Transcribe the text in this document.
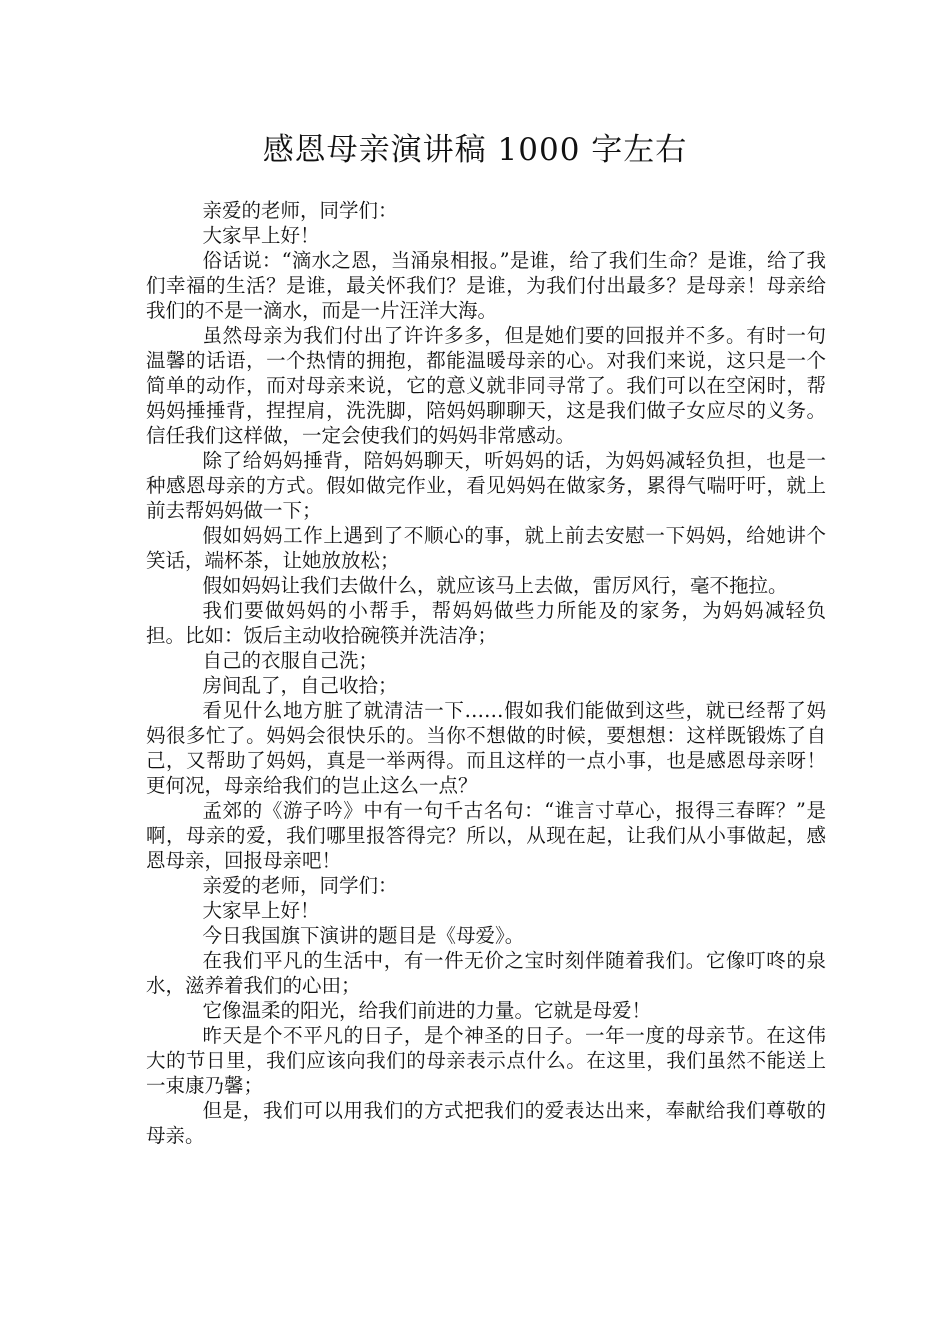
感恩母亲演讲稿 1000 字左右

亲爱的老师，同学们：

大家早上好！

俗话说：“滴水之恩，当涌泉相报。”是谁，给了我们生命？是谁，给了我们幸福的生活？是谁，最关怀我们？是谁，为我们付出最多？是母亲！母亲给我们的不是一滴水，而是一片汪洋大海。

虽然母亲为我们付出了许许多多，但是她们要的回报并不多。有时一句温馨的话语，一个热情的拥抱，都能温暖母亲的心。对我们来说，这只是一个简单的动作，而对母亲来说，它的意义就非同寻常了。我们可以在空闲时，帮妈妈捶捶背，捏捏肩，洗洗脚，陪妈妈聊聊天，这是我们做子女应尽的义务。信任我们这样做，一定会使我们的妈妈非常感动。

除了给妈妈捶背，陪妈妈聊天，听妈妈的话，为妈妈减轻负担，也是一种感恩母亲的方式。假如做完作业，看见妈妈在做家务，累得气喘吁吁，就上前去帮妈妈做一下；

假如妈妈工作上遇到了不顺心的事，就上前去安慰一下妈妈，给她讲个笑话，端杯茶，让她放放松；

假如妈妈让我们去做什么，就应该马上去做，雷厉风行，毫不拖拉。

我们要做妈妈的小帮手，帮妈妈做些力所能及的家务，为妈妈减轻负担。比如：饭后主动收拾碗筷并洗洁净；

自己的衣服自己洗；

房间乱了，自己收拾；

看见什么地方脏了就清洁一下……假如我们能做到这些，就已经帮了妈妈很多忙了。妈妈会很快乐的。当你不想做的时候，要想想：这样既锻炼了自己，又帮助了妈妈，真是一举两得。而且这样的一点小事，也是感恩母亲呀！更何况，母亲给我们的岂止这么一点？

孟郊的《游子吟》中有一句千古名句：“谁言寸草心，报得三春晖？”是啊，母亲的爱，我们哪里报答得完？所以，从现在起，让我们从小事做起，感恩母亲，回报母亲吧！

亲爱的老师，同学们：

大家早上好！

今日我国旗下演讲的题目是《母爱》。

在我们平凡的生活中，有一件无价之宝时刻伴随着我们。它像叮咚的泉水，滋养着我们的心田；

它像温柔的阳光，给我们前进的力量。它就是母爱！

昨天是个不平凡的日子，是个神圣的日子。一年一度的母亲节。在这伟大的节日里，我们应该向我们的母亲表示点什么。在这里，我们虽然不能送上一束康乃馨；

但是，我们可以用我们的方式把我们的爱表达出来，奉献给我们尊敬的母亲。
